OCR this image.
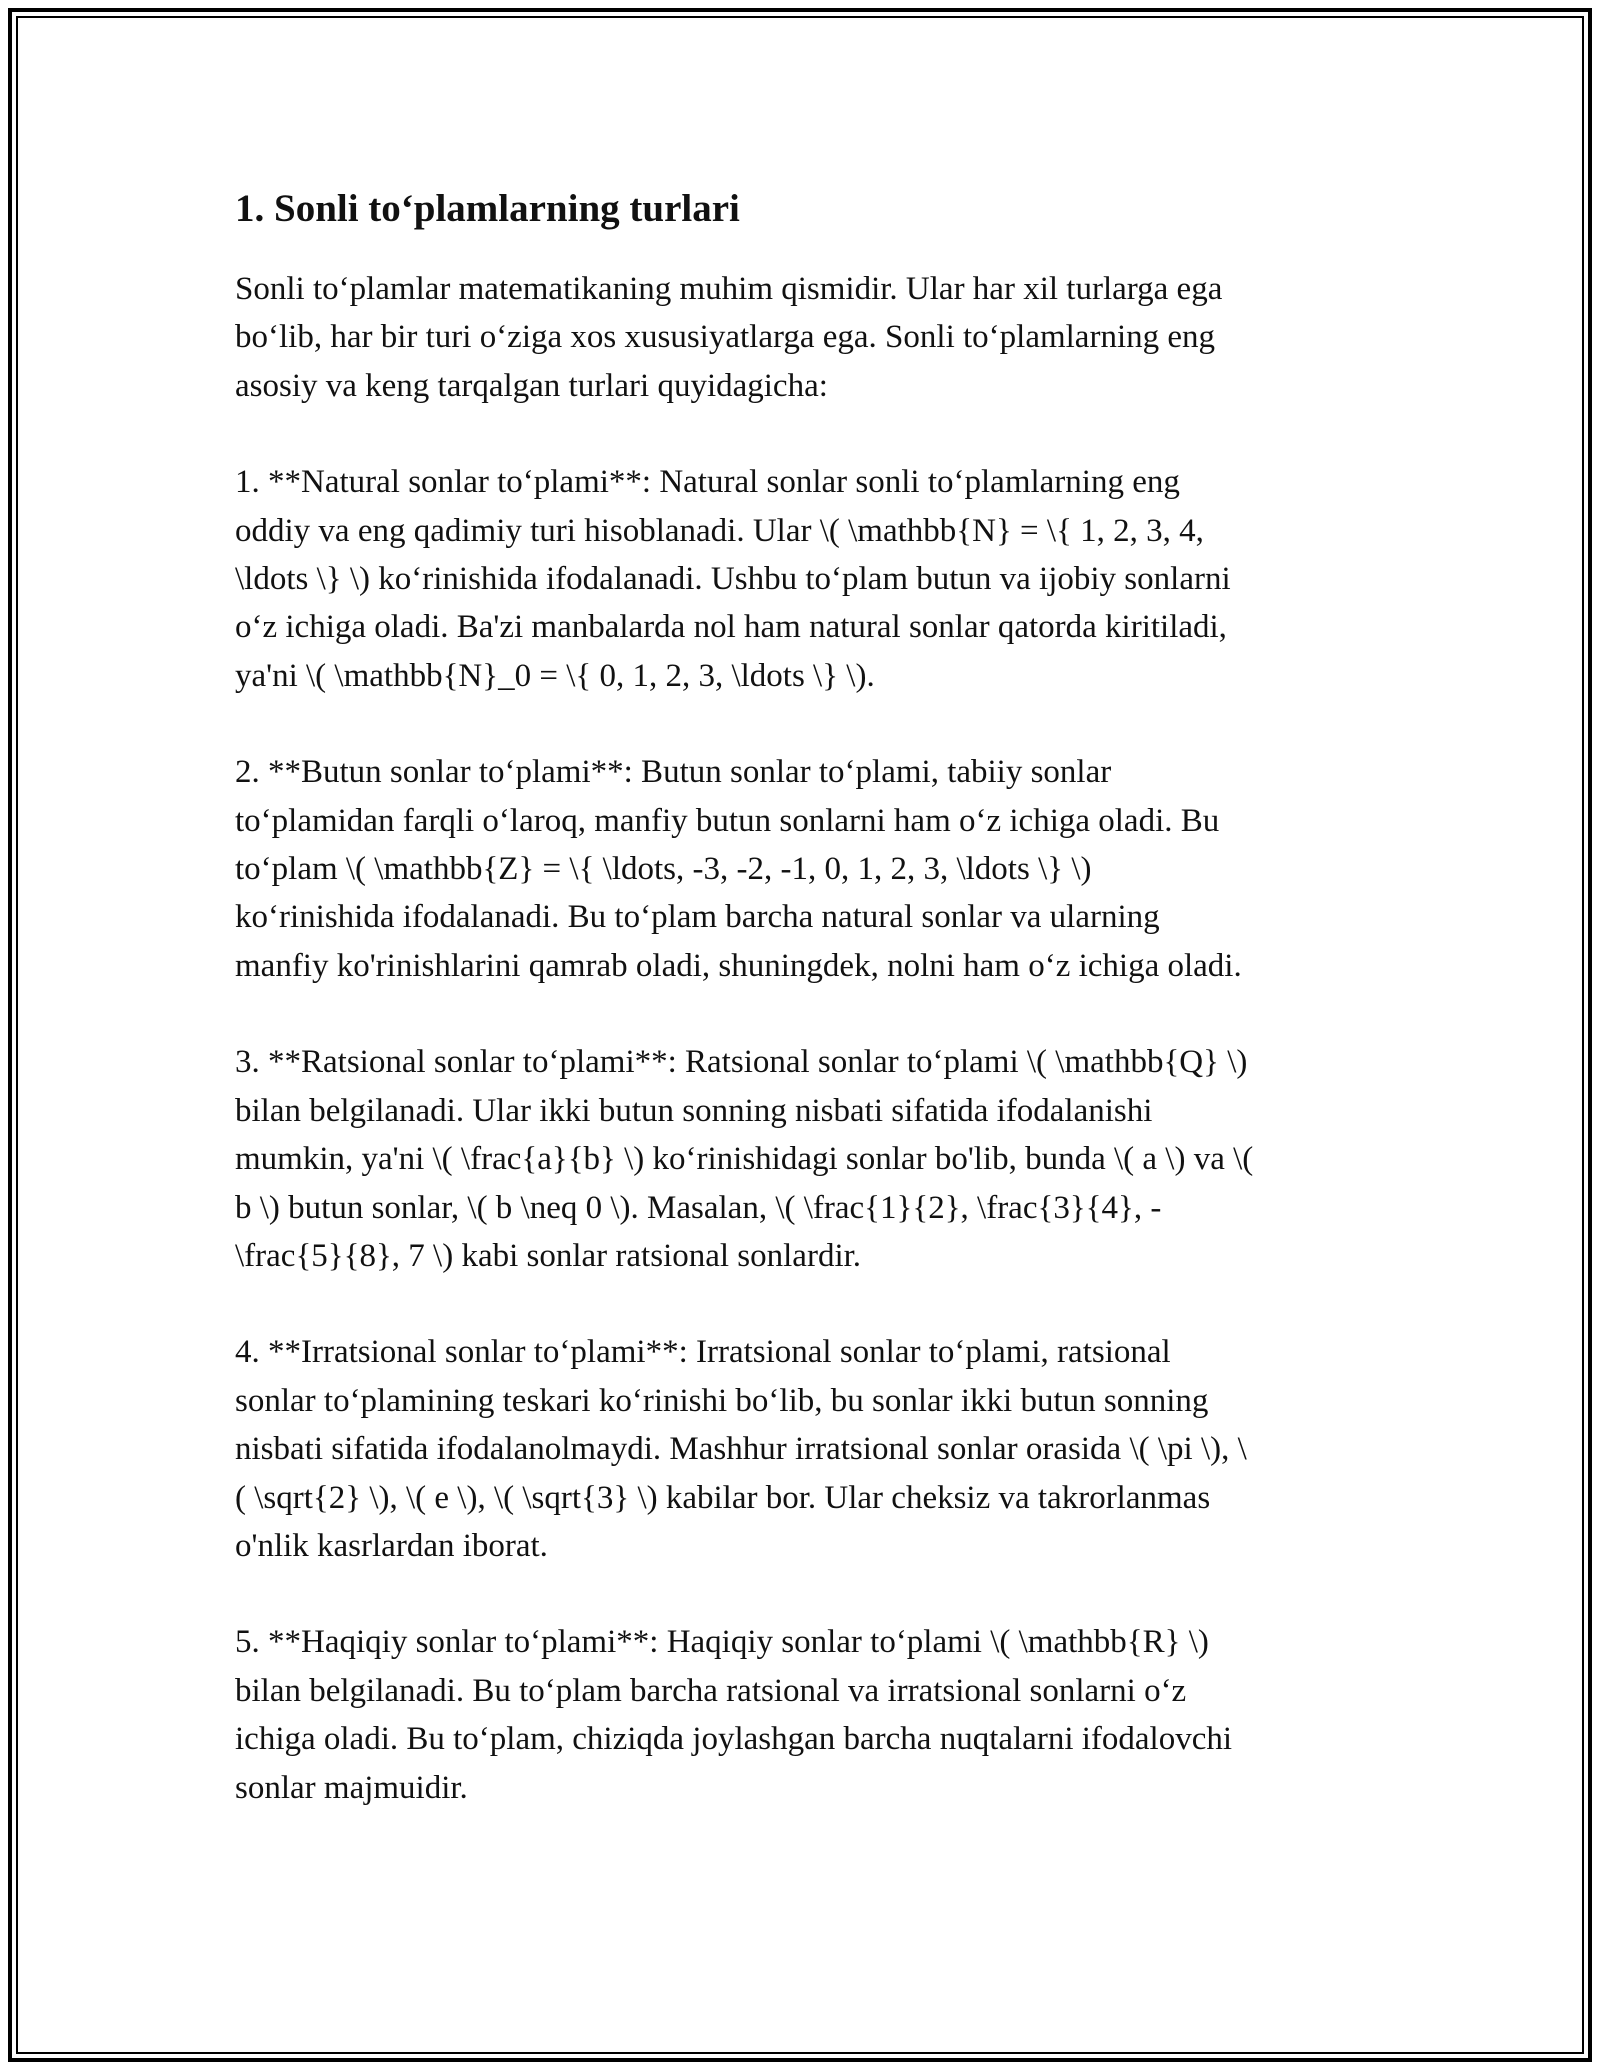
1. Sonli to‘plamlarning turlari

Sonli to‘plamlar matematikaning muhim qismidir. Ular har xil turlarga ega
bo‘lib, har bir turi o‘ziga xos xususiyatlarga ega. Sonli to‘plamlarning eng
asosiy va keng tarqalgan turlari quyidagicha:

1. **Natural sonlar to‘plami**: Natural sonlar sonli to‘plamlarning eng
oddiy va eng qadimiy turi hisoblanadi. Ular \( \mathbb{N} = \{ 1, 2, 3, 4,
\ldots \} \) ko‘rinishida ifodalanadi. Ushbu to‘plam butun va ijobiy sonlarni
o‘z ichiga oladi. Ba'zi manbalarda nol ham natural sonlar qatorda kiritiladi,
ya'ni \( \mathbb{N}_0 = \{ 0, 1, 2, 3, \ldots \} \).

2. **Butun sonlar to‘plami**: Butun sonlar to‘plami, tabiiy sonlar
to‘plamidan farqli o‘laroq, manfiy butun sonlarni ham o‘z ichiga oladi. Bu
to‘plam \( \mathbb{Z} = \{ \ldots, -3, -2, -1, 0, 1, 2, 3, \ldots \} \)
ko‘rinishida ifodalanadi. Bu to‘plam barcha natural sonlar va ularning
manfiy ko'rinishlarini qamrab oladi, shuningdek, nolni ham o‘z ichiga oladi.

3. **Ratsional sonlar to‘plami**: Ratsional sonlar to‘plami \( \mathbb{Q} \)
bilan belgilanadi. Ular ikki butun sonning nisbati sifatida ifodalanishi
mumkin, ya'ni \( \frac{a}{b} \) ko‘rinishidagi sonlar bo'lib, bunda \( a \) va \(
b \) butun sonlar, \( b \neq 0 \). Masalan, \( \frac{1}{2}, \frac{3}{4}, -
\frac{5}{8}, 7 \) kabi sonlar ratsional sonlardir.

4. **Irratsional sonlar to‘plami**: Irratsional sonlar to‘plami, ratsional
sonlar to‘plamining teskari ko‘rinishi bo‘lib, bu sonlar ikki butun sonning
nisbati sifatida ifodalanolmaydi. Mashhur irratsional sonlar orasida \( \pi \), \
( \sqrt{2} \), \( e \), \( \sqrt{3} \) kabilar bor. Ular cheksiz va takrorlanmas
o'nlik kasrlardan iborat.

5. **Haqiqiy sonlar to‘plami**: Haqiqiy sonlar to‘plami \( \mathbb{R} \)
bilan belgilanadi. Bu to‘plam barcha ratsional va irratsional sonlarni o‘z
ichiga oladi. Bu to‘plam, chiziqda joylashgan barcha nuqtalarni ifodalovchi
sonlar majmuidir.
